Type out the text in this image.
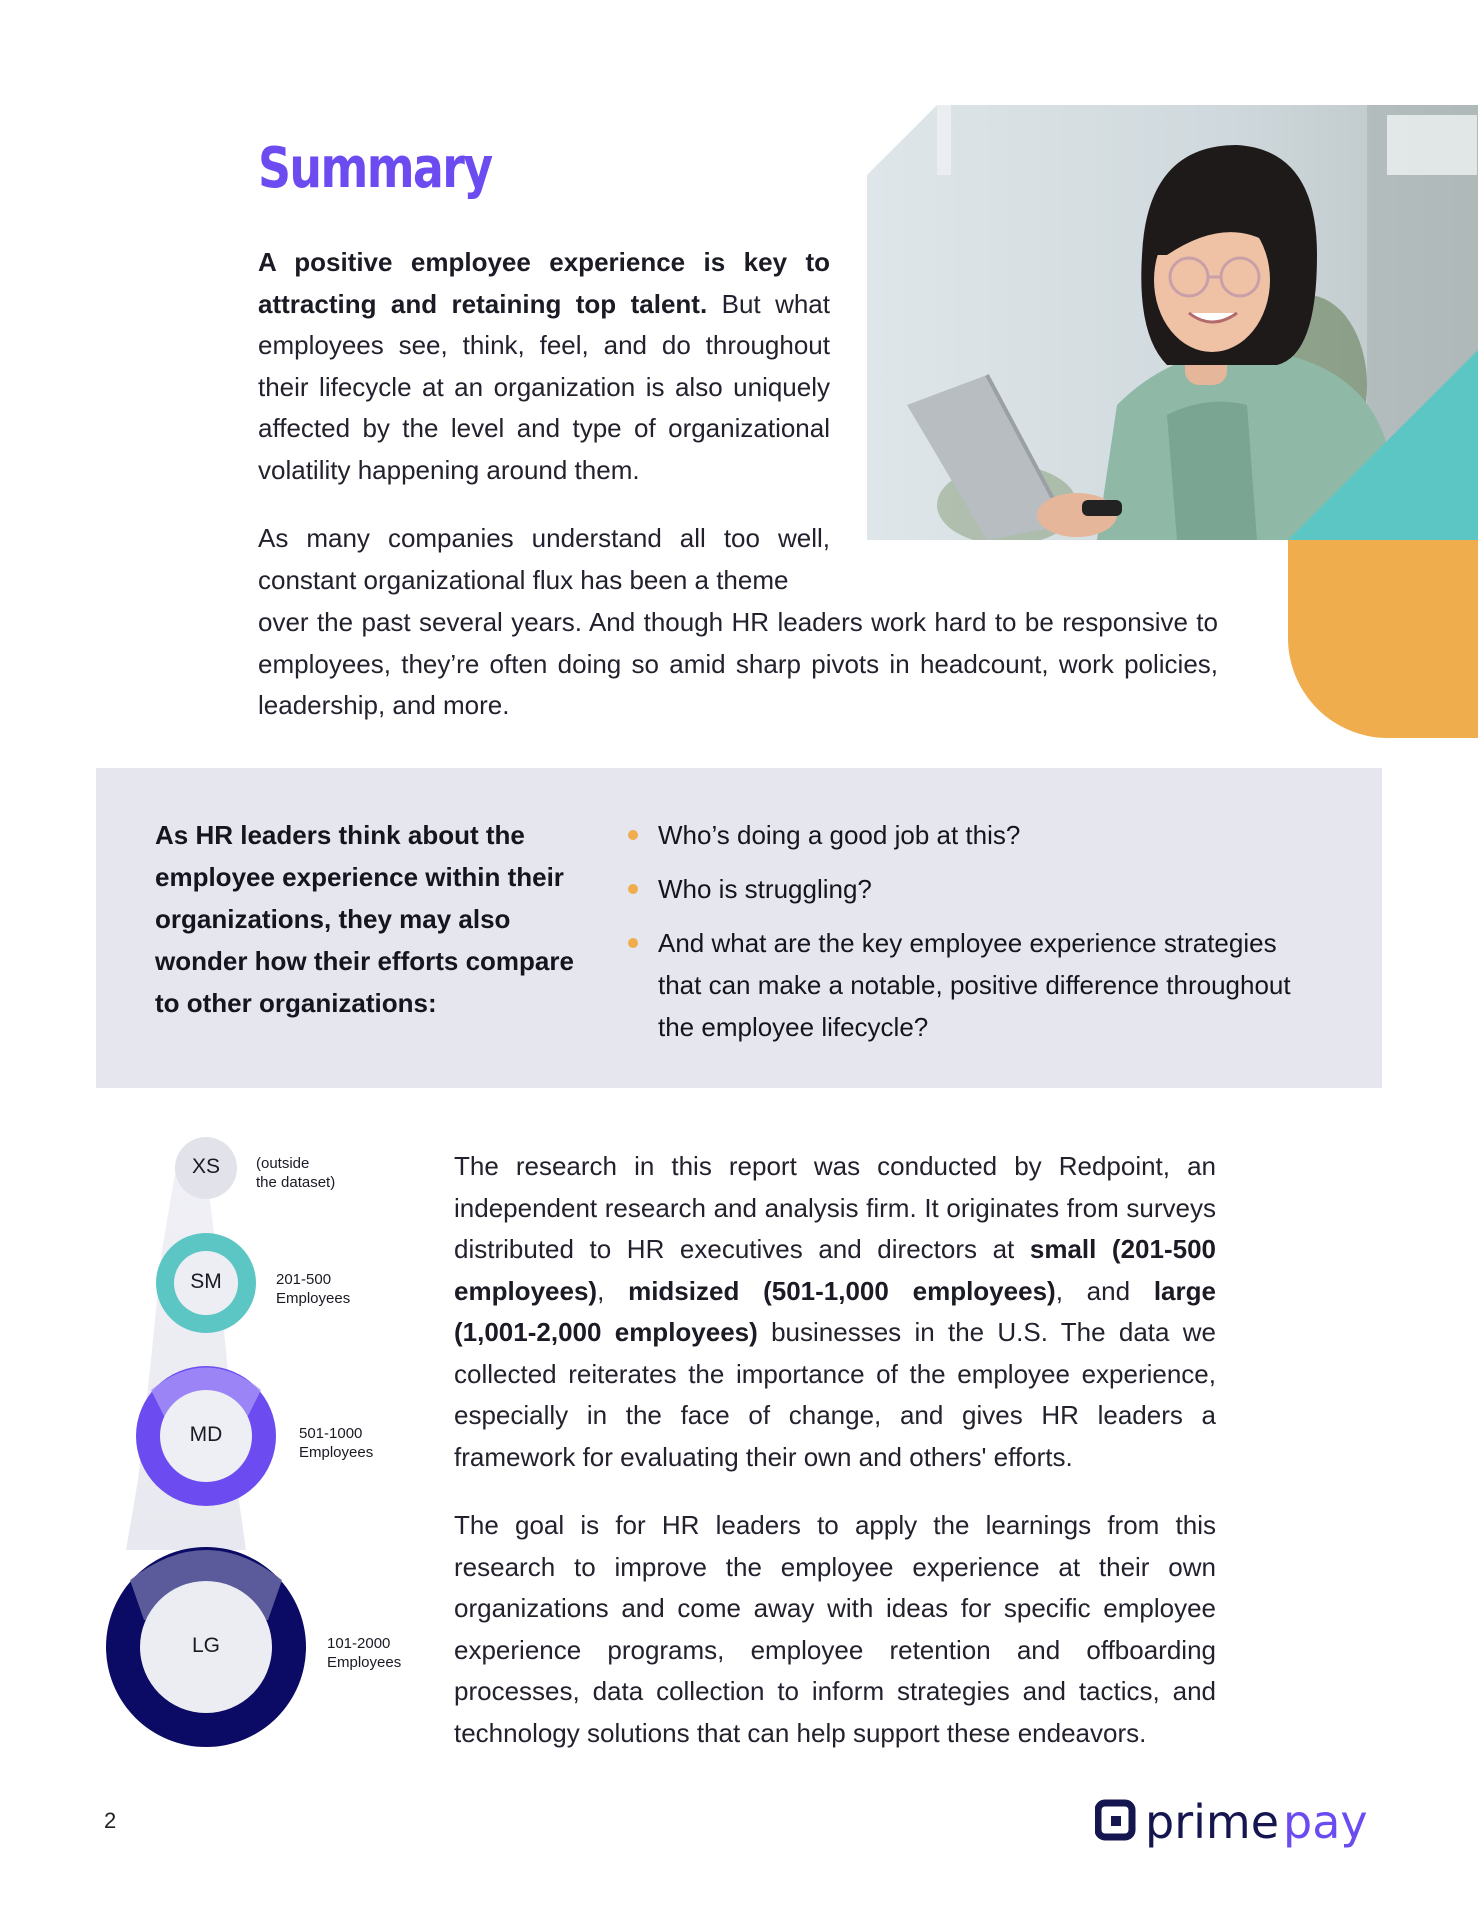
Summary

A positive employee experience is key to attracting and retaining top talent. But what employees see, think, feel, and do throughout their lifecycle at an organization is also uniquely affected by the level and type of organizational volatility happening around them.

As many companies understand all too well, constant organizational flux has been a theme

over the past several years. And though HR leaders work hard to be responsive to employees, they’re often doing so amid sharp pivots in headcount, work policies, leadership, and more.

As HR leaders think about the employee experience within their organizations, they may also wonder how their efforts compare to other organizations:

Who’s doing a good job at this?
Who is struggling?
And what are the key employee experience strategies that can make a notable, positive difference throughout the employee lifecycle?
XS
SM
MD
LG
(outside
the dataset)
201-500
Employees
501-1000
Employees
101-2000
Employees

The research in this report was conducted by Redpoint, an independent research and analysis firm. It originates from surveys distributed to HR executives and directors at small (201-500 employees), midsized (501-1,000 employees), and large (1,001-2,000 employees) businesses in the U.S. The data we collected reiterates the importance of the employee experience, especially in the face of change, and gives HR leaders a framework for evaluating their own and others' efforts.

The goal is for HR leaders to apply the learnings from this research to improve the employee experience at their own organizations and come away with ideas for specific employee experience programs, employee retention and offboarding processes, data collection to inform strategies and tactics, and technology solutions that can help support these endeavors.

2	prime pay
